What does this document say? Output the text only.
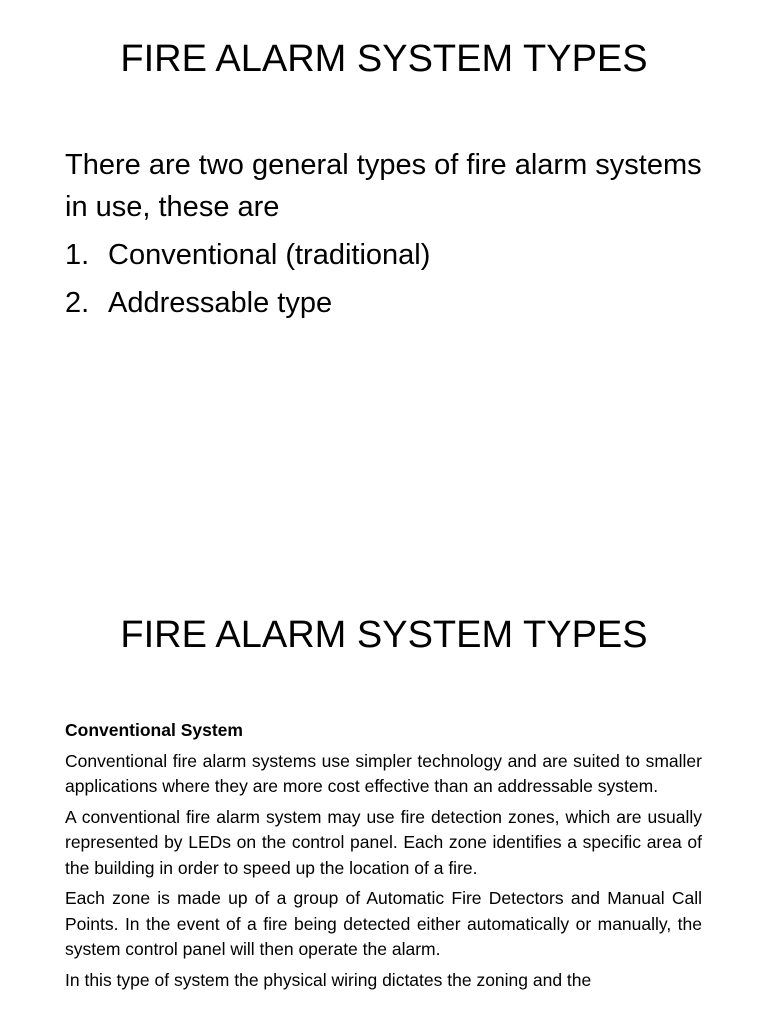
FIRE ALARM SYSTEM TYPES

There are two general types of fire alarm systems in use, these are

1. Conventional (traditional)
2. Addressable type
FIRE ALARM SYSTEM TYPES

Conventional System

Conventional fire alarm systems use simpler technology and are suited to smaller applications where they are more cost effective than an addressable system.

A conventional fire alarm system may use fire detection zones, which are usually represented by LEDs on the control panel. Each zone identifies a specific area of the building in order to speed up the location of a fire.

Each zone is made up of a group of Automatic Fire Detectors and Manual Call Points. In the event of a fire being detected either automatically or manually, the system control panel will then operate the alarm.

In this type of system the physical wiring dictates the zoning and the
